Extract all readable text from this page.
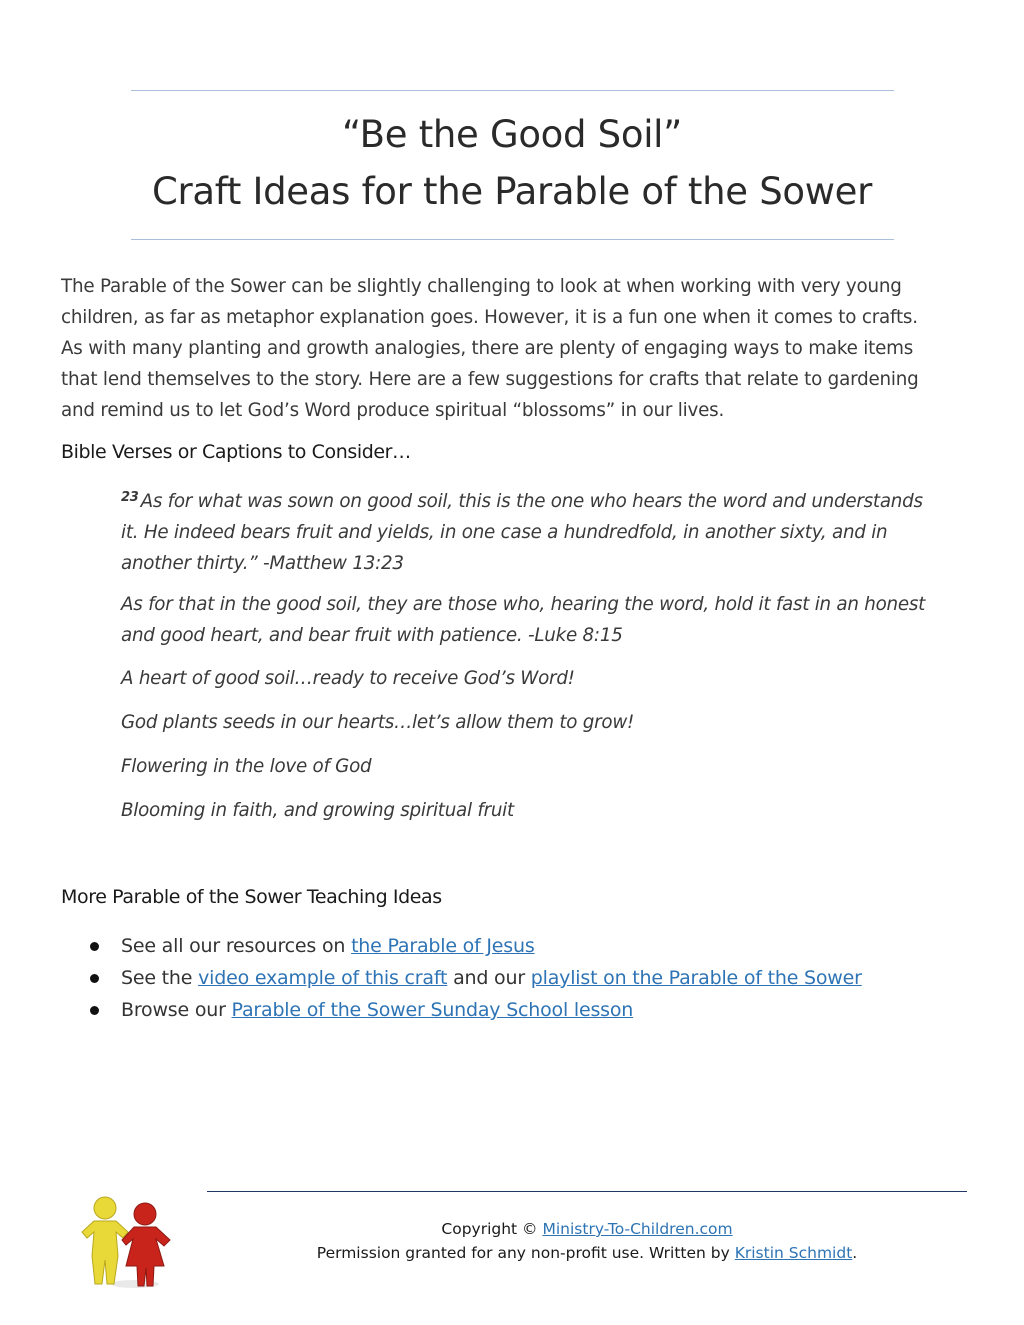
“Be the Good Soil”
Craft Ideas for the Parable of the Sower
The Parable of the Sower can be slightly challenging to look at when working with very young
children, as far as metaphor explanation goes. However, it is a fun one when it comes to crafts.
As with many planting and growth analogies, there are plenty of engaging ways to make items
that lend themselves to the story. Here are a few suggestions for crafts that relate to gardening
and remind us to let God’s Word produce spiritual “blossoms” in our lives.
Bible Verses or Captions to Consider…
$^{23}$ As for what was sown on good soil, this is the one who hears the word and understands
it. He indeed bears fruit and yields, in one case a hundredfold, in another sixty, and in
another thirty.” -Matthew 13:23
As for that in the good soil, they are those who, hearing the word, hold it fast in an honest
and good heart, and bear fruit with patience. -Luke 8:15
A heart of good soil…ready to receive God’s Word!
God plants seeds in our hearts…let’s allow them to grow!
Flowering in the love of God
Blooming in faith, and growing spiritual fruit
More Parable of the Sower Teaching Ideas
See all our resources on the Parable of Jesus
See the video example of this craft and our playlist on the Parable of the Sower
Browse our Parable of the Sower Sunday School lesson
Copyright © Ministry-To-Children.com
Permission granted for any non-profit use. Written by Kristin Schmidt.
